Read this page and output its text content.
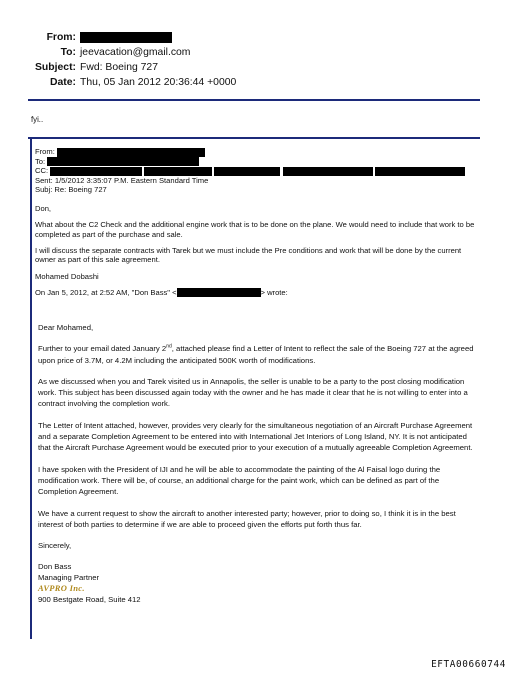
From:
To: jeevacation@gmail.com
Subject: Fwd: Boeing 727
Date: Thu, 05 Jan 2012 20:36:44 +0000
fyi..
From:
To:
CC:
Sent: 1/5/2012 3:35:07 P.M. Eastern Standard Time
Subj: Re: Boeing 727

Don,

What about the C2 Check and the additional engine work that is to be done on the plane. We would need to include that work to be completed as part of the purchase and sale.

I will discuss the separate contracts with Tarek but we must include the Pre conditions and work that will be done by the current owner as part of this sale agreement.

Mohamed Dobashi

On Jan 5, 2012, at 2:52 AM, "Don Bass" <	> wrote:

Dear Mohamed,

Further to your email dated January 2nd, attached please find a Letter of Intent to reflect the sale of the Boeing 727 at the agreed upon price of 3.7M, or 4.2M including the anticipated 500K worth of modifications.

As we discussed when you and Tarek visited us in Annapolis, the seller is unable to be a party to the post closing modification work. This subject has been discussed again today with the owner and he has made it clear that he is not willing to enter into a contract involving the completion work.

The Letter of Intent attached, however, provides very clearly for the simultaneous negotiation of an Aircraft Purchase Agreement and a separate Completion Agreement to be entered into with International Jet Interiors of Long Island, NY. It is not anticipated that the Aircraft Purchase Agreement would be executed prior to your execution of a mutually agreeable Completion Agreement.

I have spoken with the President of IJI and he will be able to accommodate the painting of the Al Faisal logo during the modification work. There will be, of course, an additional charge for the paint work, which can be defined as part of the Completion Agreement.

We have a current request to show the aircraft to another interested party; however, prior to doing so, I think it is in the best interest of both parties to determine if we are able to proceed given the efforts put forth thus far.

Sincerely,

Don Bass
Managing Partner
AVPRO Inc.
900 Bestgate Road, Suite 412
EFTA00660744
